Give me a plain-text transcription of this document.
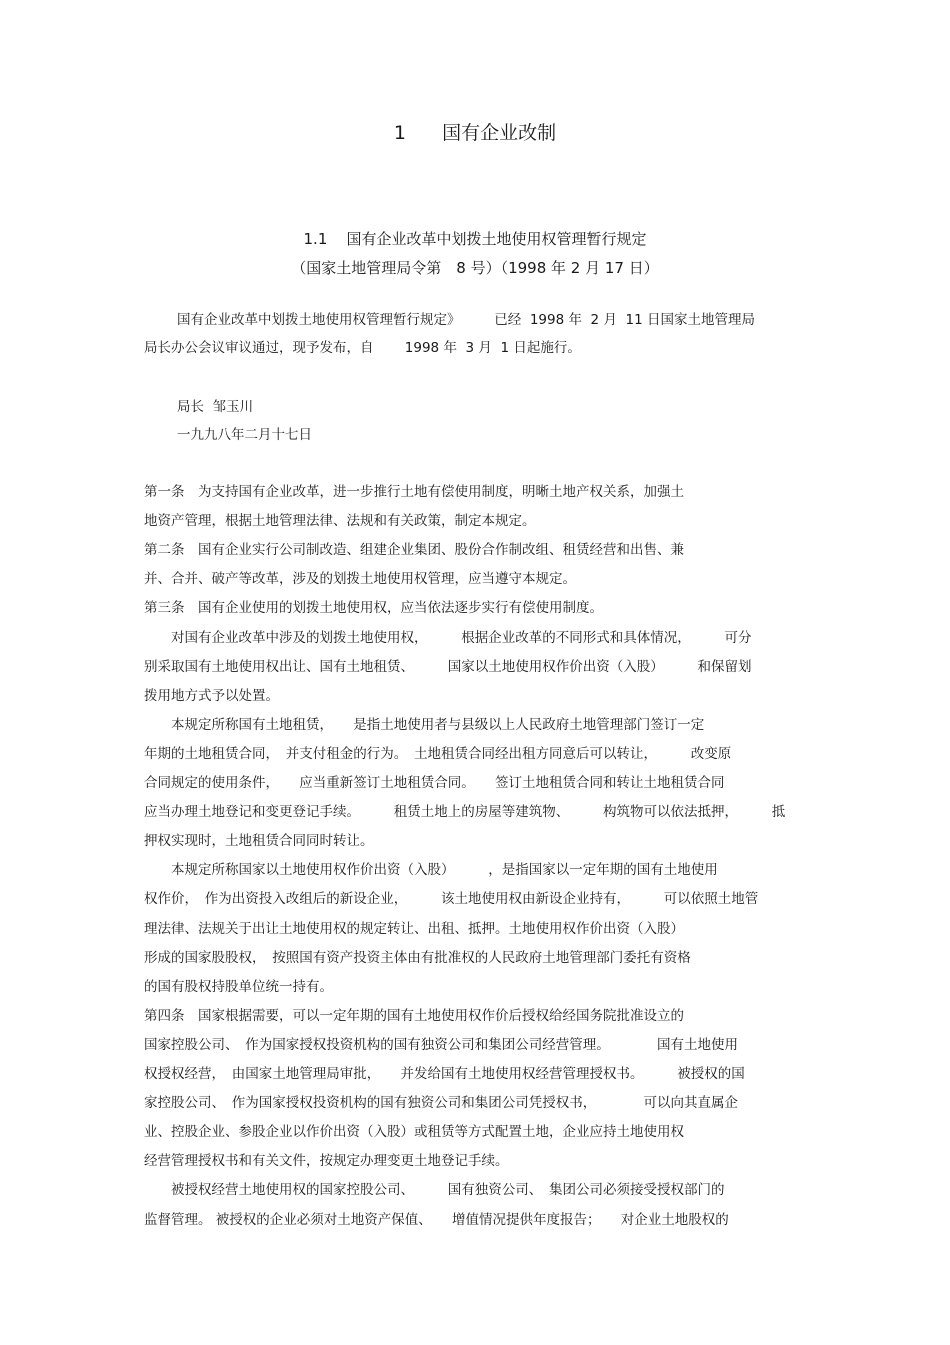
1 国有企业改制
1.1 国有企业改革中划拨土地使用权管理暂行规定
（国家土地管理局令第　8 号）（1998 年 2 月 17 日）
国有企业改革中划拨土地使用权管理暂行规定》　　　已经  1998 年  2 月  11 日国家土地管理局
局长办公会议审议通过，现予发布，自　　 1998 年  3 月  1 日起施行。
局长  邹玉川
一九九八年二月十七日
第一条　为支持国有企业改革，进一步推行土地有偿使用制度，明晰土地产权关系，加强土
地资产管理，根据土地管理法律、法规和有关政策，制定本规定。
第二条　国有企业实行公司制改造、组建企业集团、股份合作制改组、租赁经营和出售、兼
并、合并、破产等改革，涉及的划拨土地使用权管理，应当遵守本规定。
第三条　国有企业使用的划拨土地使用权，应当依法逐步实行有偿使用制度。
　　对国有企业改革中涉及的划拨土地使用权，　　　根据企业改革的不同形式和具体情况，　　　可分
别采取国有土地使用权出让、国有土地租赁、　　　国家以土地使用权作价出资（入股）　　　和保留划
拨用地方式予以处置。
　　本规定所称国有土地租赁，　　是指土地使用者与县级以上人民政府土地管理部门签订一定
年期的土地租赁合同，　并支付租金的行为。　土地租赁合同经出租方同意后可以转让，　　　改变原
合同规定的使用条件，　　应当重新签订土地租赁合同。　　签订土地租赁合同和转让土地租赁合同
应当办理土地登记和变更登记手续。　　　租赁土地上的房屋等建筑物、　　　构筑物可以依法抵押，　　　抵
押权实现时，土地租赁合同同时转让。
　　本规定所称国家以土地使用权作价出资（入股）　　　，是指国家以一定年期的国有土地使用
权作价，　作为出资投入改组后的新设企业，　　　该土地使用权由新设企业持有，　　　可以依照土地管
理法律、法规关于出让土地使用权的规定转让、出租、抵押。土地使用权作价出资（入股）
形成的国家股股权，　按照国有资产投资主体由有批准权的人民政府土地管理部门委托有资格
的国有股权持股单位统一持有。
第四条　国家根据需要，可以一定年期的国有土地使用权作价后授权给经国务院批准设立的
国家控股公司、　作为国家授权投资机构的国有独资公司和集团公司经营管理。　　　　国有土地使用
权授权经营，　由国家土地管理局审批，　　并发给国有土地使用权经营管理授权书。　　　被授权的国
家控股公司、　作为国家授权投资机构的国有独资公司和集团公司凭授权书，　　　　可以向其直属企
业、控股企业、参股企业以作价出资（入股）或租赁等方式配置土地，企业应持土地使用权
经营管理授权书和有关文件，按规定办理变更土地登记手续。
　　被授权经营土地使用权的国家控股公司、　　　国有独资公司、　集团公司必须接受授权部门的
监督管理。 被授权的企业必须对土地资产保值、　　增值情况提供年度报告；　　对企业土地股权的
